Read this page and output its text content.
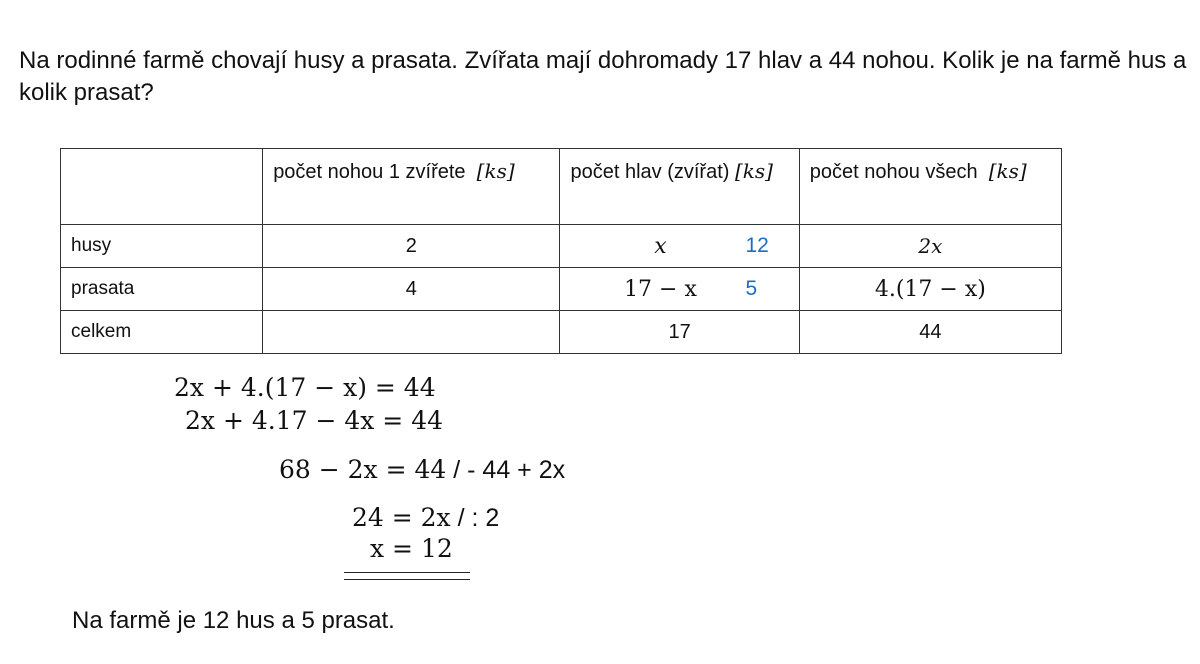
Na rodinné farmě chovají husy a prasata. Zvířata mají dohromady 17 hlav a 44 nohou. Kolik je na farmě hus a kolik prasat?

	počet nohou 1 zvířete [ks]	počet hlav (zvířat) [ks]	počet nohou všech [ks]
husy	2	x 12	2x
prasata	4	17 − x 5	4.(17 − x)
celkem		17	44
2x + 4.(17 − x) = 44
2x + 4.17 − 4x = 44
68 − 2x = 44 / - 44 + 2x
24 = 2x / : 2
x = 12

Na farmě je 12 hus a 5 prasat.
